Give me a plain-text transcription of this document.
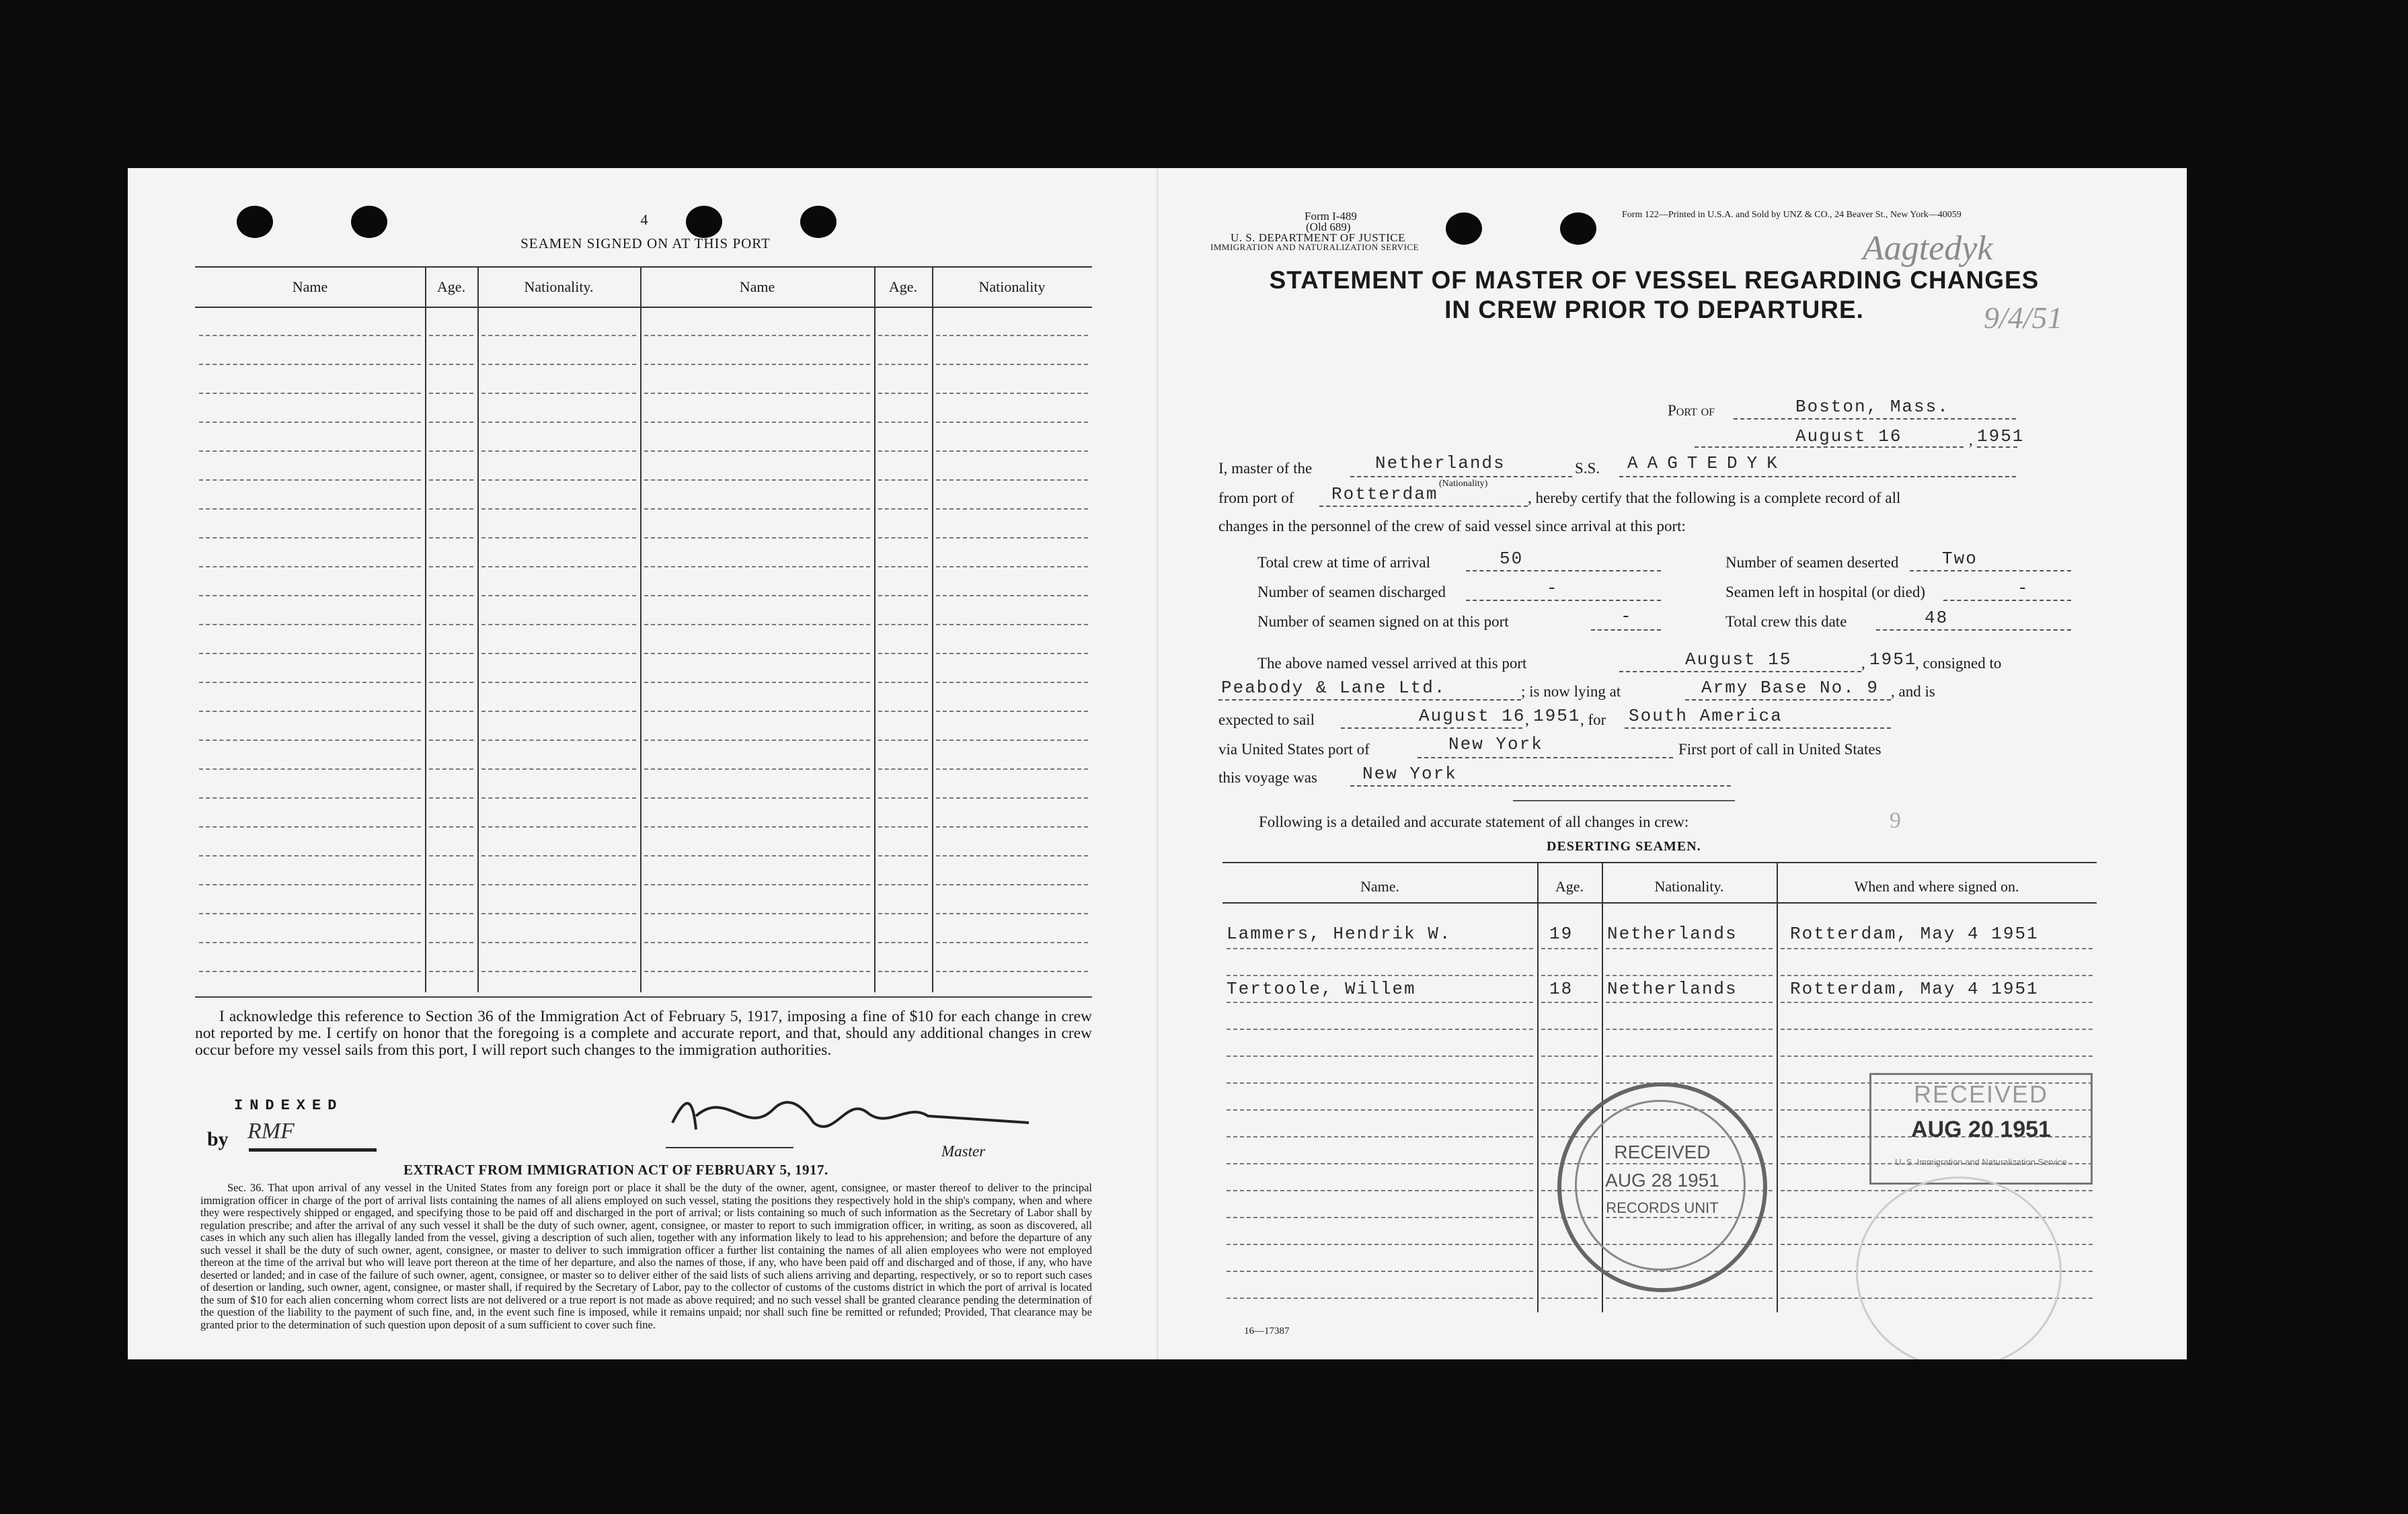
4
SEAMEN SIGNED ON AT THIS PORT
Name	Age.	Nationality.	Name	Age.	Nationality
I acknowledge this reference to Section 36 of the Immigration Act of February 5, 1917, imposing a fine of $10 for each change in crew not reported by me. I certify on honor that the foregoing is a complete and accurate report, and that, should any additional changes in crew occur before my vessel sails from this port, I will report such changes to the immigration authorities.
INDEXED
by RMF
Master
EXTRACT FROM IMMIGRATION ACT OF FEBRUARY 5, 1917.
Sec. 36. That upon arrival of any vessel in the United States from any foreign port or place it shall be the duty of the owner, agent, consignee, or master thereof to deliver to the principal immigration officer in charge of the port of arrival lists containing the names of all aliens employed on such vessel, stating the positions they respectively hold in the ship's company, when and where they were respectively shipped or engaged, and specifying those to be paid off and discharged in the port of arrival; or lists containing so much of such information as the Secretary of Labor shall by regulation prescribe; and after the arrival of any such vessel it shall be the duty of such owner, agent, consignee, or master to report to such immigration officer, in writing, as soon as discovered, all cases in which any such alien has illegally landed from the vessel, giving a description of such alien, together with any information likely to lead to his apprehension; and before the departure of any such vessel it shall be the duty of such owner, agent, consignee, or master to deliver to such immigration officer a further list containing the names of all alien employees who were not employed thereon at the time of the arrival but who will leave port thereon at the time of her departure, and also the names of those, if any, who have been paid off and discharged and of those, if any, who have deserted or landed; and in case of the failure of such owner, agent, consignee, or master so to deliver either of the said lists of such aliens arriving and departing, respectively, or so to report such cases of desertion or landing, such owner, agent, consignee, or master shall, if required by the Secretary of Labor, pay to the collector of customs of the customs district in which the port of arrival is located the sum of $10 for each alien concerning whom correct lists are not delivered or a true report is not made as above required; and no such vessel shall be granted clearance pending the determination of the question of the liability to the payment of such fine, and, in the event such fine is imposed, while it remains unpaid; nor shall such fine be remitted or refunded; Provided, That clearance may be granted prior to the determination of such question upon deposit of a sum sufficient to cover such fine.
Form I-489
(Old 689)
U. S. DEPARTMENT OF JUSTICE
IMMIGRATION AND NATURALIZATION SERVICE
Form 122—Printed in U.S.A. and Sold by UNZ & CO., 24 Beaver St., New York—40059
Aagtedyk
9/4/51
STATEMENT OF MASTER OF VESSEL REGARDING CHANGES
IN CREW PRIOR TO DEPARTURE.
Port of	Boston, Mass.
August 16	, 1951
I, master of the	Netherlands
(Nationality)
S.S. AAGTEDYK
from port of Rotterdam	, hereby certify that the following is a complete record of all
changes in the personnel of the crew of said vessel since arrival at this port:
Total crew at time of arrival	50	Number of seamen deserted Two
Number of seamen discharged	-	Seamen left in hospital (or died)	-
Number of seamen signed on at this port	-	Total crew this date	48
The above named vessel arrived at this port	August 15	, 1951
, consigned to
Peabody & Lane Ltd.	; is now lying at	Army Base No. 9 , and is
expected to sail	August 16 , 1951 , for South America
via United States port of	New York	First port of call in United States
this voyage was	New York
Following is a detailed and accurate statement of all changes in crew:	9
DESERTING SEAMEN.
Name.	Age.	Nationality.	When and where signed on.
Lammers, Hendrik W.	19 Netherlands	Rotterdam, May 4 1951
Tertoole, Willem	18 Netherlands	Rotterdam, May 4 1951
RECEIVED
AUG 20 1951
U. S. Immigration and Naturalization Service
RECEIVED
AUG 28 1951
RECORDS UNIT
16—17387
